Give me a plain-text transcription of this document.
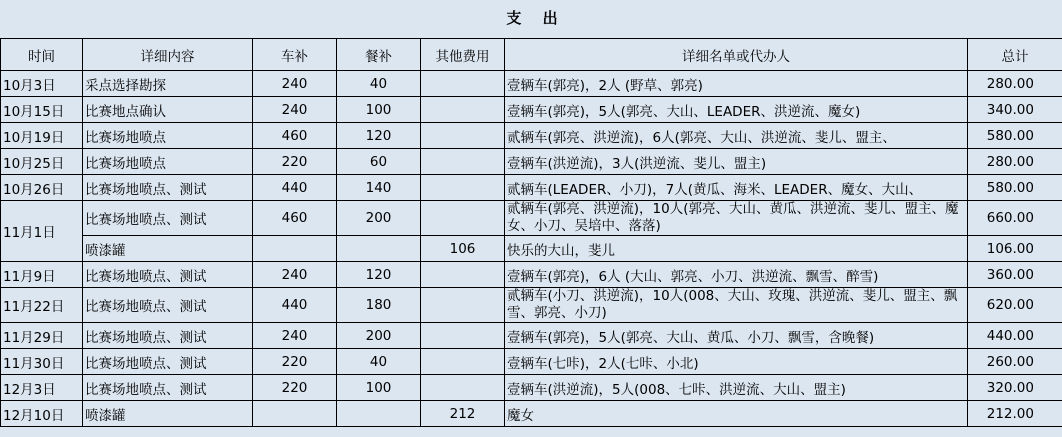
支 出
时间	详细内容	车补	餐补	其他费用	详细名单或代办人	总计
10月3日	采点选择勘探	240	40		壹辆车(郭亮)，2人 (野草、郭亮)	280.00
10月15日	比赛地点确认	240	100		壹辆车(郭亮)，5人(郭亮、大山、LEADER、洪逆流、魔女)	340.00
10月19日	比赛场地喷点	460	120		贰辆车(郭亮、洪逆流)，6人(郭亮、大山、洪逆流、斐儿、盟主、	580.00
10月25日	比赛场地喷点	220	60		壹辆车(洪逆流)，3人(洪逆流、斐儿、盟主)	280.00
10月26日	比赛场地喷点、测试	440	140		贰辆车(LEADER、小刀)，7人(黄瓜、海米、LEADER、魔女、大山、	580.00
11月1日	比赛场地喷点、测试	460	200		贰辆车(郭亮、洪逆流)，10人(郭亮、大山、黄瓜、洪逆流、斐儿、盟主、魔女、小刀、吴培中、落落)	660.00
	喷漆罐			106	快乐的大山，斐儿	106.00
11月9日	比赛场地喷点、测试	240	120		壹辆车(郭亮)，6人 (大山、郭亮、小刀、洪逆流、飘雪、醉雪)	360.00
11月22日	比赛场地喷点、测试	440	180		贰辆车(小刀、洪逆流)，10人(008、大山、玫瑰、洪逆流、斐儿、盟主、飘雪、郭亮、小刀)	620.00
11月29日	比赛场地喷点、测试	240	200		壹辆车(郭亮)，5人(郭亮、大山、黄瓜、小刀、飘雪，含晚餐)	440.00
11月30日	比赛场地喷点、测试	220	40		壹辆车(七咔)，2人(七咔、小北)	260.00
12月3日	比赛场地喷点、测试	220	100		壹辆车(洪逆流)，5人(008、七咔、洪逆流、大山、盟主)	320.00
12月10日	喷漆罐			212	魔女	212.00
